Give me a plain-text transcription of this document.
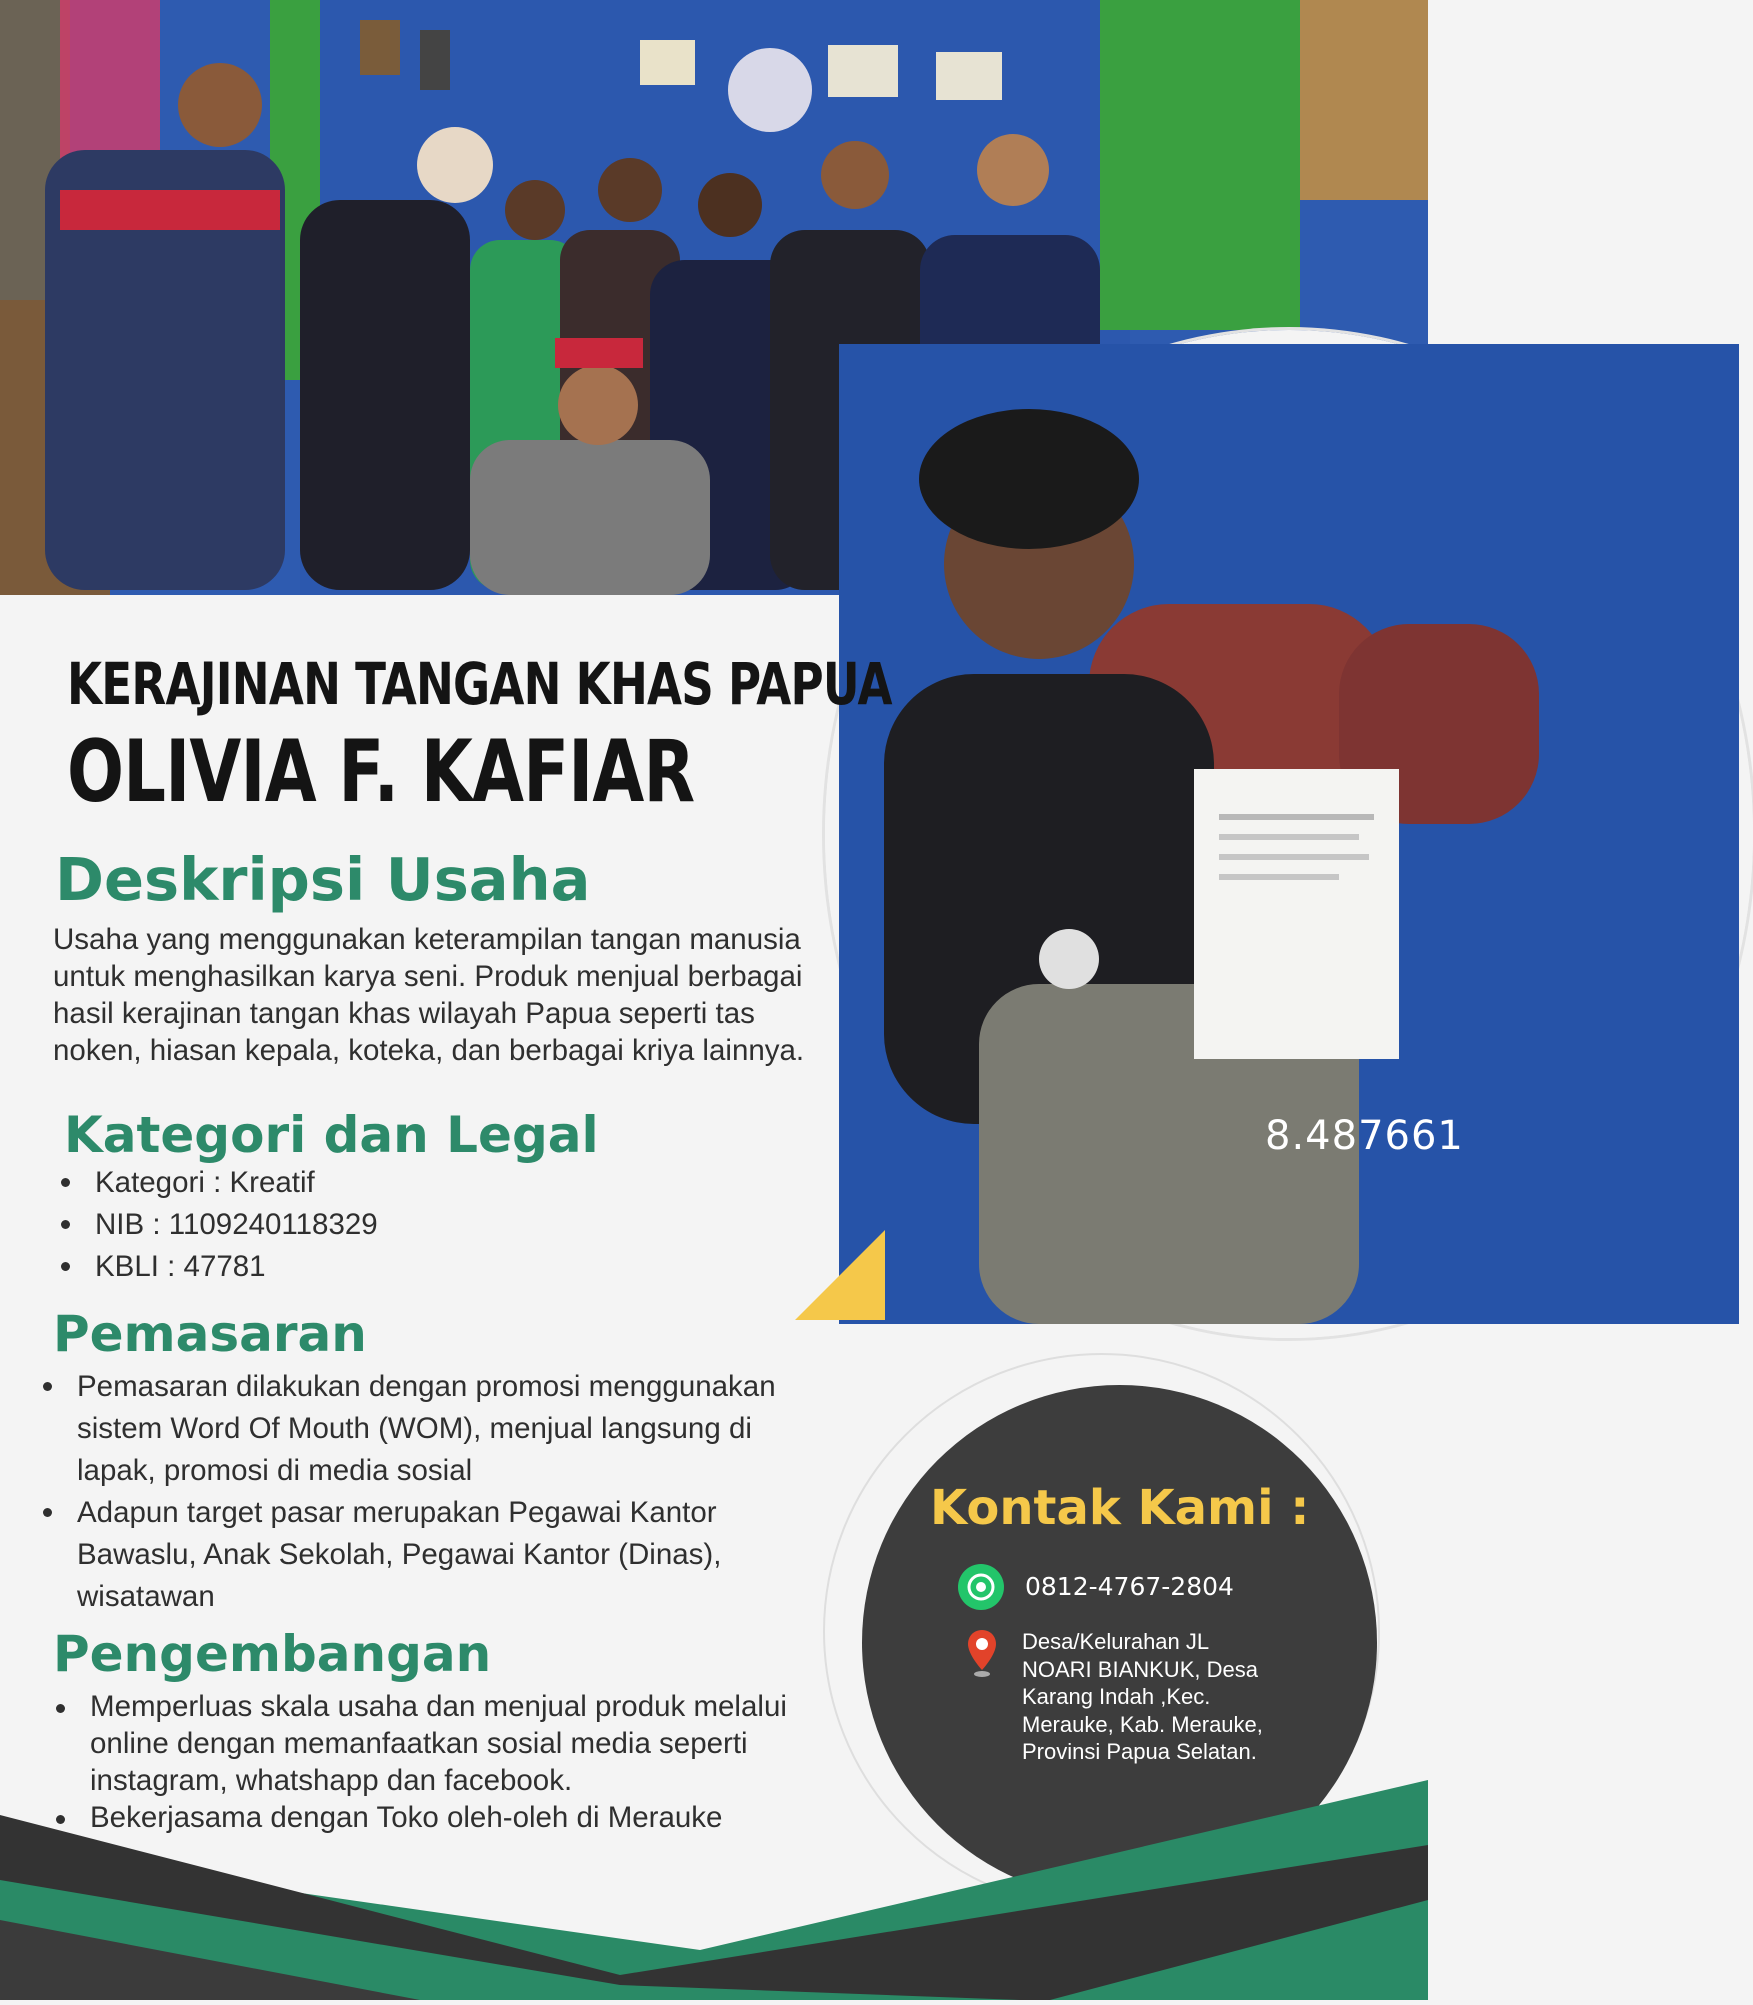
8.487661
KERAJINAN TANGAN KHAS PAPUA
OLIVIA F. KAFIAR
Deskripsi Usaha
Usaha yang menggunakan keterampilan tangan manusia untuk menghasilkan karya seni. Produk menjual berbagai hasil kerajinan tangan khas wilayah Papua seperti tas noken, hiasan kepala, koteka, dan berbagai kriya lainnya.
Kategori dan Legal
Kategori : Kreatif
NIB : 1109240118329
KBLI : 47781
Pemasaran
Pemasaran dilakukan dengan promosi menggunakan sistem Word Of Mouth (WOM), menjual langsung di lapak, promosi di media sosial
Adapun target pasar merupakan Pegawai Kantor Bawaslu, Anak Sekolah, Pegawai Kantor (Dinas), wisatawan
Pengembangan
Memperluas skala usaha dan menjual produk melalui online dengan memanfaatkan sosial media seperti instagram, whatshapp dan facebook.
Bekerjasama dengan Toko oleh-oleh di Merauke
Kontak Kami :
0812-4767-2804
Desa/Kelurahan JL NOARI BIANKUK, Desa Karang Indah ,Kec. Merauke, Kab. Merauke, Provinsi Papua Selatan.
